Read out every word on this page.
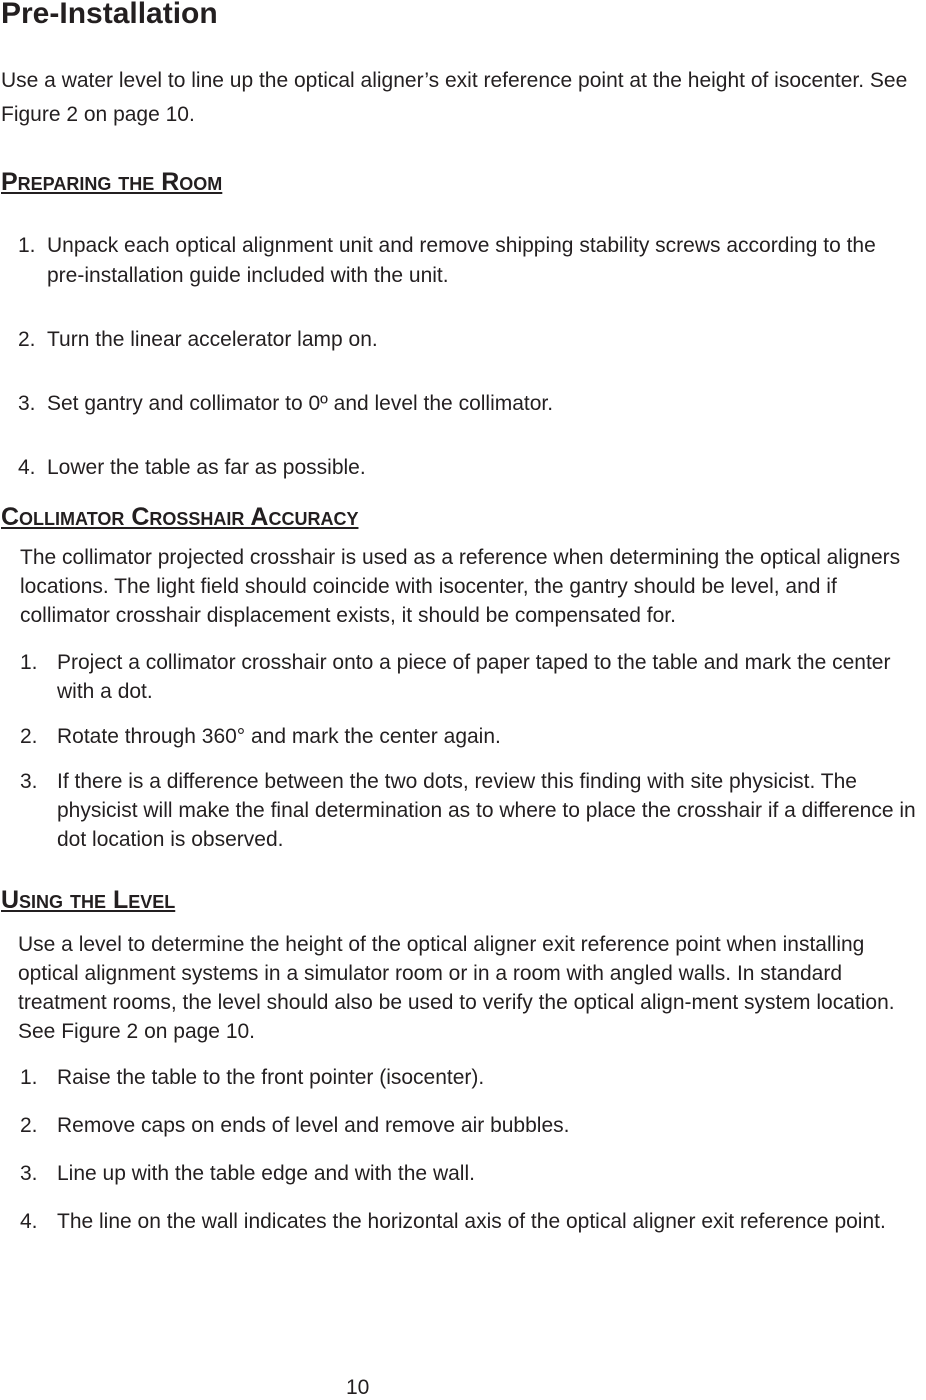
Pre-Installation

Use a water level to line up the optical aligner’s exit reference point at the height of isocenter. See Figure 2 on page 10.

Preparing the Room
1. Unpack each optical alignment unit and remove shipping stability screws according to the pre-installation guide included with the unit.
2. Turn the linear accelerator lamp on.
3. Set gantry and collimator to 0º and level the collimator.
4. Lower the table as far as possible.
Collimator Crosshair Accuracy

The collimator projected crosshair is used as a reference when determining the optical aligners locations. The light field should coincide with isocenter, the gantry should be level, and if collimator crosshair displacement exists, it should be compensated for.

1. Project a collimator crosshair onto a piece of paper taped to the table and mark the center with a dot.
2. Rotate through 360° and mark the center again.
3. If there is a difference between the two dots, review this finding with site physicist. The physicist will make the final determination as to where to place the crosshair if a difference in dot location is observed.
Using the Level

Use a level to determine the height of the optical aligner exit reference point when installing optical alignment systems in a simulator room or in a room with angled walls. In standard treatment rooms, the level should also be used to verify the optical align-ment system location. See Figure 2 on page 10.

1. Raise the table to the front pointer (isocenter).
2. Remove caps on ends of level and remove air bubbles.
3. Line up with the table edge and with the wall.
4. The line on the wall indicates the horizontal axis of the optical aligner exit reference point.
10
